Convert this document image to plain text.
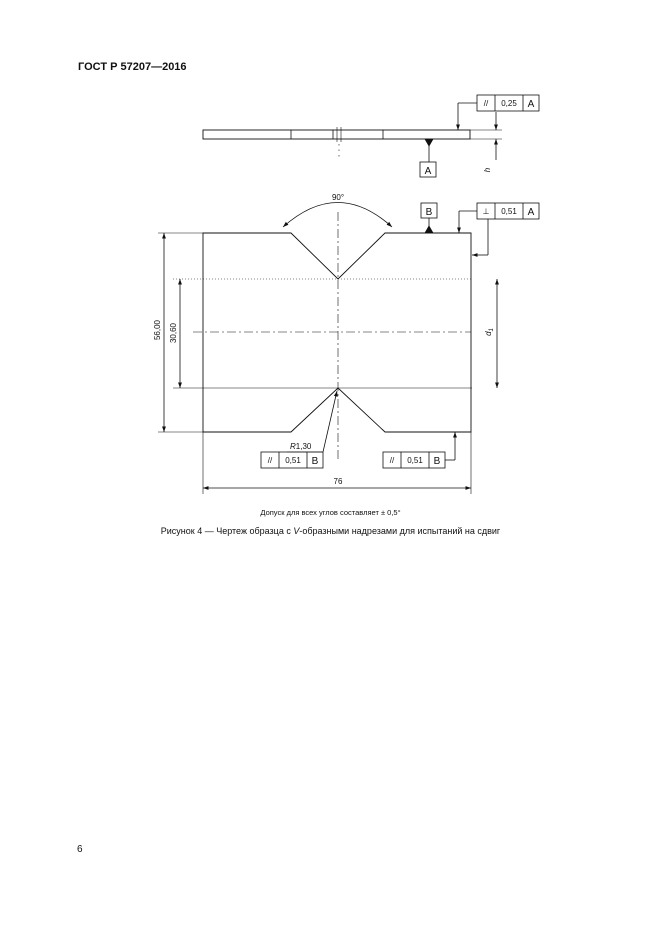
ГОСТ Р 57207—2016
// 0,25 A
A	h
90°
B	⊥ 0,51 A
56,00 30,60	$d_1$
R1,30
// 0,51 B	// 0,51 B
76
Допуск для всех углов составляет ± 0,5°
Рисунок 4 — Чертеж образца с V-образными надрезами для испытаний на сдвиг
6
